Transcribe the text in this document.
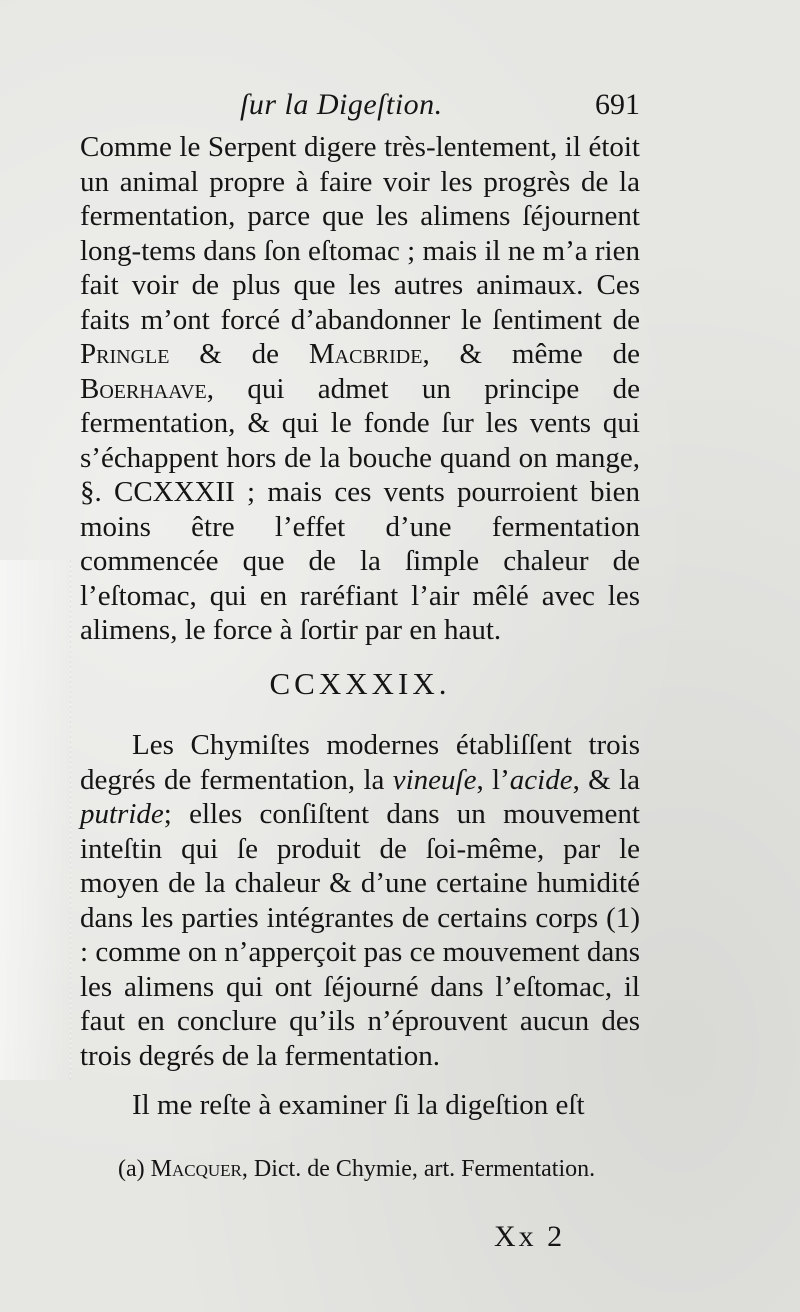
ſur la Digeſtion.	691
Comme le Serpent digere très-lentement, il étoit un animal propre à faire voir les progrès de la fermentation, parce que les alimens ſéjournent long-tems dans ſon eſtomac ; mais il ne m’a rien fait voir de plus que les autres animaux. Ces faits m’ont forcé d’abandonner le ſentiment de Pringle & de Macbride, & même de Boerhaave, qui admet un principe de fermentation, & qui le fonde ſur les vents qui s’échappent hors de la bouche quand on mange, §. CCXXXII ; mais ces vents pourroient bien moins être l’effet d’une fermentation commencée que de la ſimple chaleur de l’eſtomac, qui en raréfiant l’air mêlé avec les alimens, le force à ſortir par en haut.
CCXXXIX.
Les Chymiſtes modernes établiſſent trois degrés de fermentation, la vineuſe, l’acide, & la putride; elles conſiſtent dans un mouvement inteſtin qui ſe produit de ſoi-même, par le moyen de la chaleur & d’une certaine humidité dans les parties intégrantes de certains corps (1) : comme on n’apperçoit pas ce mouvement dans les alimens qui ont ſéjourné dans l’eſtomac, il faut en conclure qu’ils n’éprouvent aucun des trois degrés de la fermentation.
Il me reſte à examiner ſi la digeſtion eſt
(a) Macquer, Dict. de Chymie, art. Fermentation.
Xx 2
